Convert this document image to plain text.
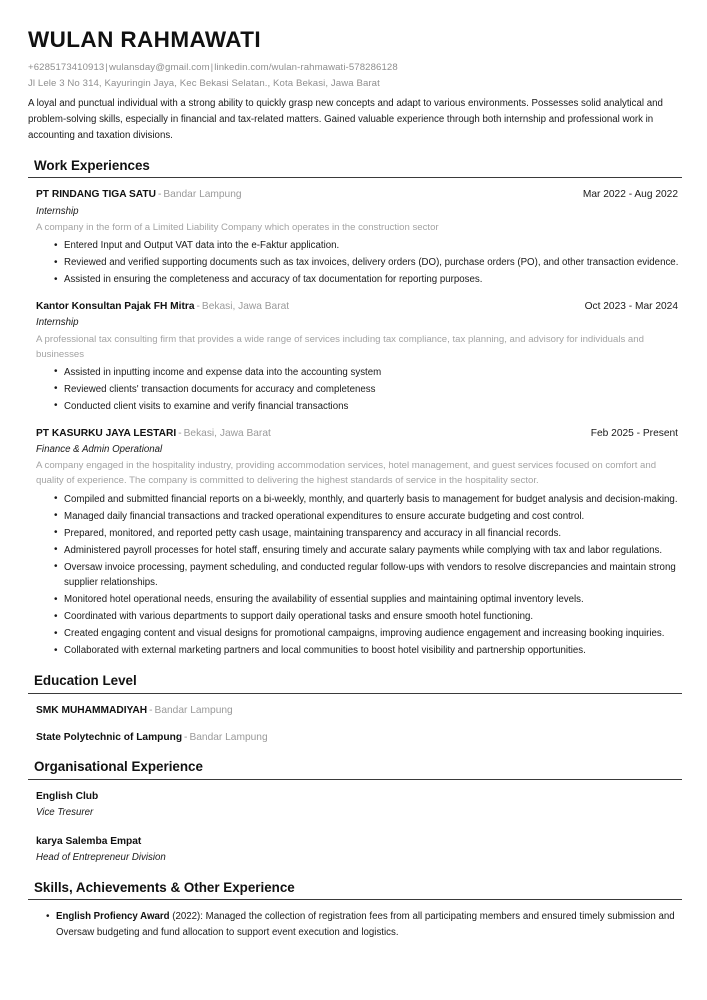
WULAN RAHMAWATI
+6285173410913|wulansday@gmail.com|linkedin.com/wulan-rahmawati-578286128
Jl Lele 3 No 314, Kayuringin Jaya, Kec Bekasi Selatan., Kota Bekasi, Jawa Barat
A loyal and punctual individual with a strong ability to quickly grasp new concepts and adapt to various environments. Possesses solid analytical and problem-solving skills, especially in financial and tax-related matters. Gained valuable experience through both internship and professional work in accounting and taxation divisions.
Work Experiences
PT RINDANG TIGA SATU - Bandar Lampung	Mar 2022 - Aug 2022
Internship
A company in the form of a Limited Liability Company which operates in the construction sector
• Entered Input and Output VAT data into the e-Faktur application.
• Reviewed and verified supporting documents such as tax invoices, delivery orders (DO), purchase orders (PO), and other transaction evidence.
• Assisted in ensuring the completeness and accuracy of tax documentation for reporting purposes.
Kantor Konsultan Pajak FH Mitra - Bekasi, Jawa Barat	Oct 2023 - Mar 2024
Internship
A professional tax consulting firm that provides a wide range of services including tax compliance, tax planning, and advisory for individuals and businesses
• Assisted in inputting income and expense data into the accounting system
• Reviewed clients' transaction documents for accuracy and completeness
• Conducted client visits to examine and verify financial transactions
PT KASURKU JAYA LESTARI - Bekasi, Jawa Barat	Feb 2025 - Present
Finance & Admin Operational
A company engaged in the hospitality industry, providing accommodation services, hotel management, and guest services focused on comfort and quality of experience. The company is committed to delivering the highest standards of service in the hospitality sector.
• Compiled and submitted financial reports on a bi-weekly, monthly, and quarterly basis to management for budget analysis and decision-making.
• Managed daily financial transactions and tracked operational expenditures to ensure accurate budgeting and cost control.
• Prepared, monitored, and reported petty cash usage, maintaining transparency and accuracy in all financial records.
• Administered payroll processes for hotel staff, ensuring timely and accurate salary payments while complying with tax and labor regulations.
• Oversaw invoice processing, payment scheduling, and conducted regular follow-ups with vendors to resolve discrepancies and maintain strong supplier relationships.
• Monitored hotel operational needs, ensuring the availability of essential supplies and maintaining optimal inventory levels.
• Coordinated with various departments to support daily operational tasks and ensure smooth hotel functioning.
• Created engaging content and visual designs for promotional campaigns, improving audience engagement and increasing booking inquiries.
• Collaborated with external marketing partners and local communities to boost hotel visibility and partnership opportunities.
Education Level
SMK MUHAMMADIYAH - Bandar Lampung
State Polytechnic of Lampung - Bandar Lampung
Organisational Experience
English Club
Vice Tresurer
karya Salemba Empat
Head of Entrepreneur Division
Skills, Achievements & Other Experience
• English Profiency Award (2022): Managed the collection of registration fees from all participating members and ensured timely submission and Oversaw budgeting and fund allocation to support event execution and logistics.
